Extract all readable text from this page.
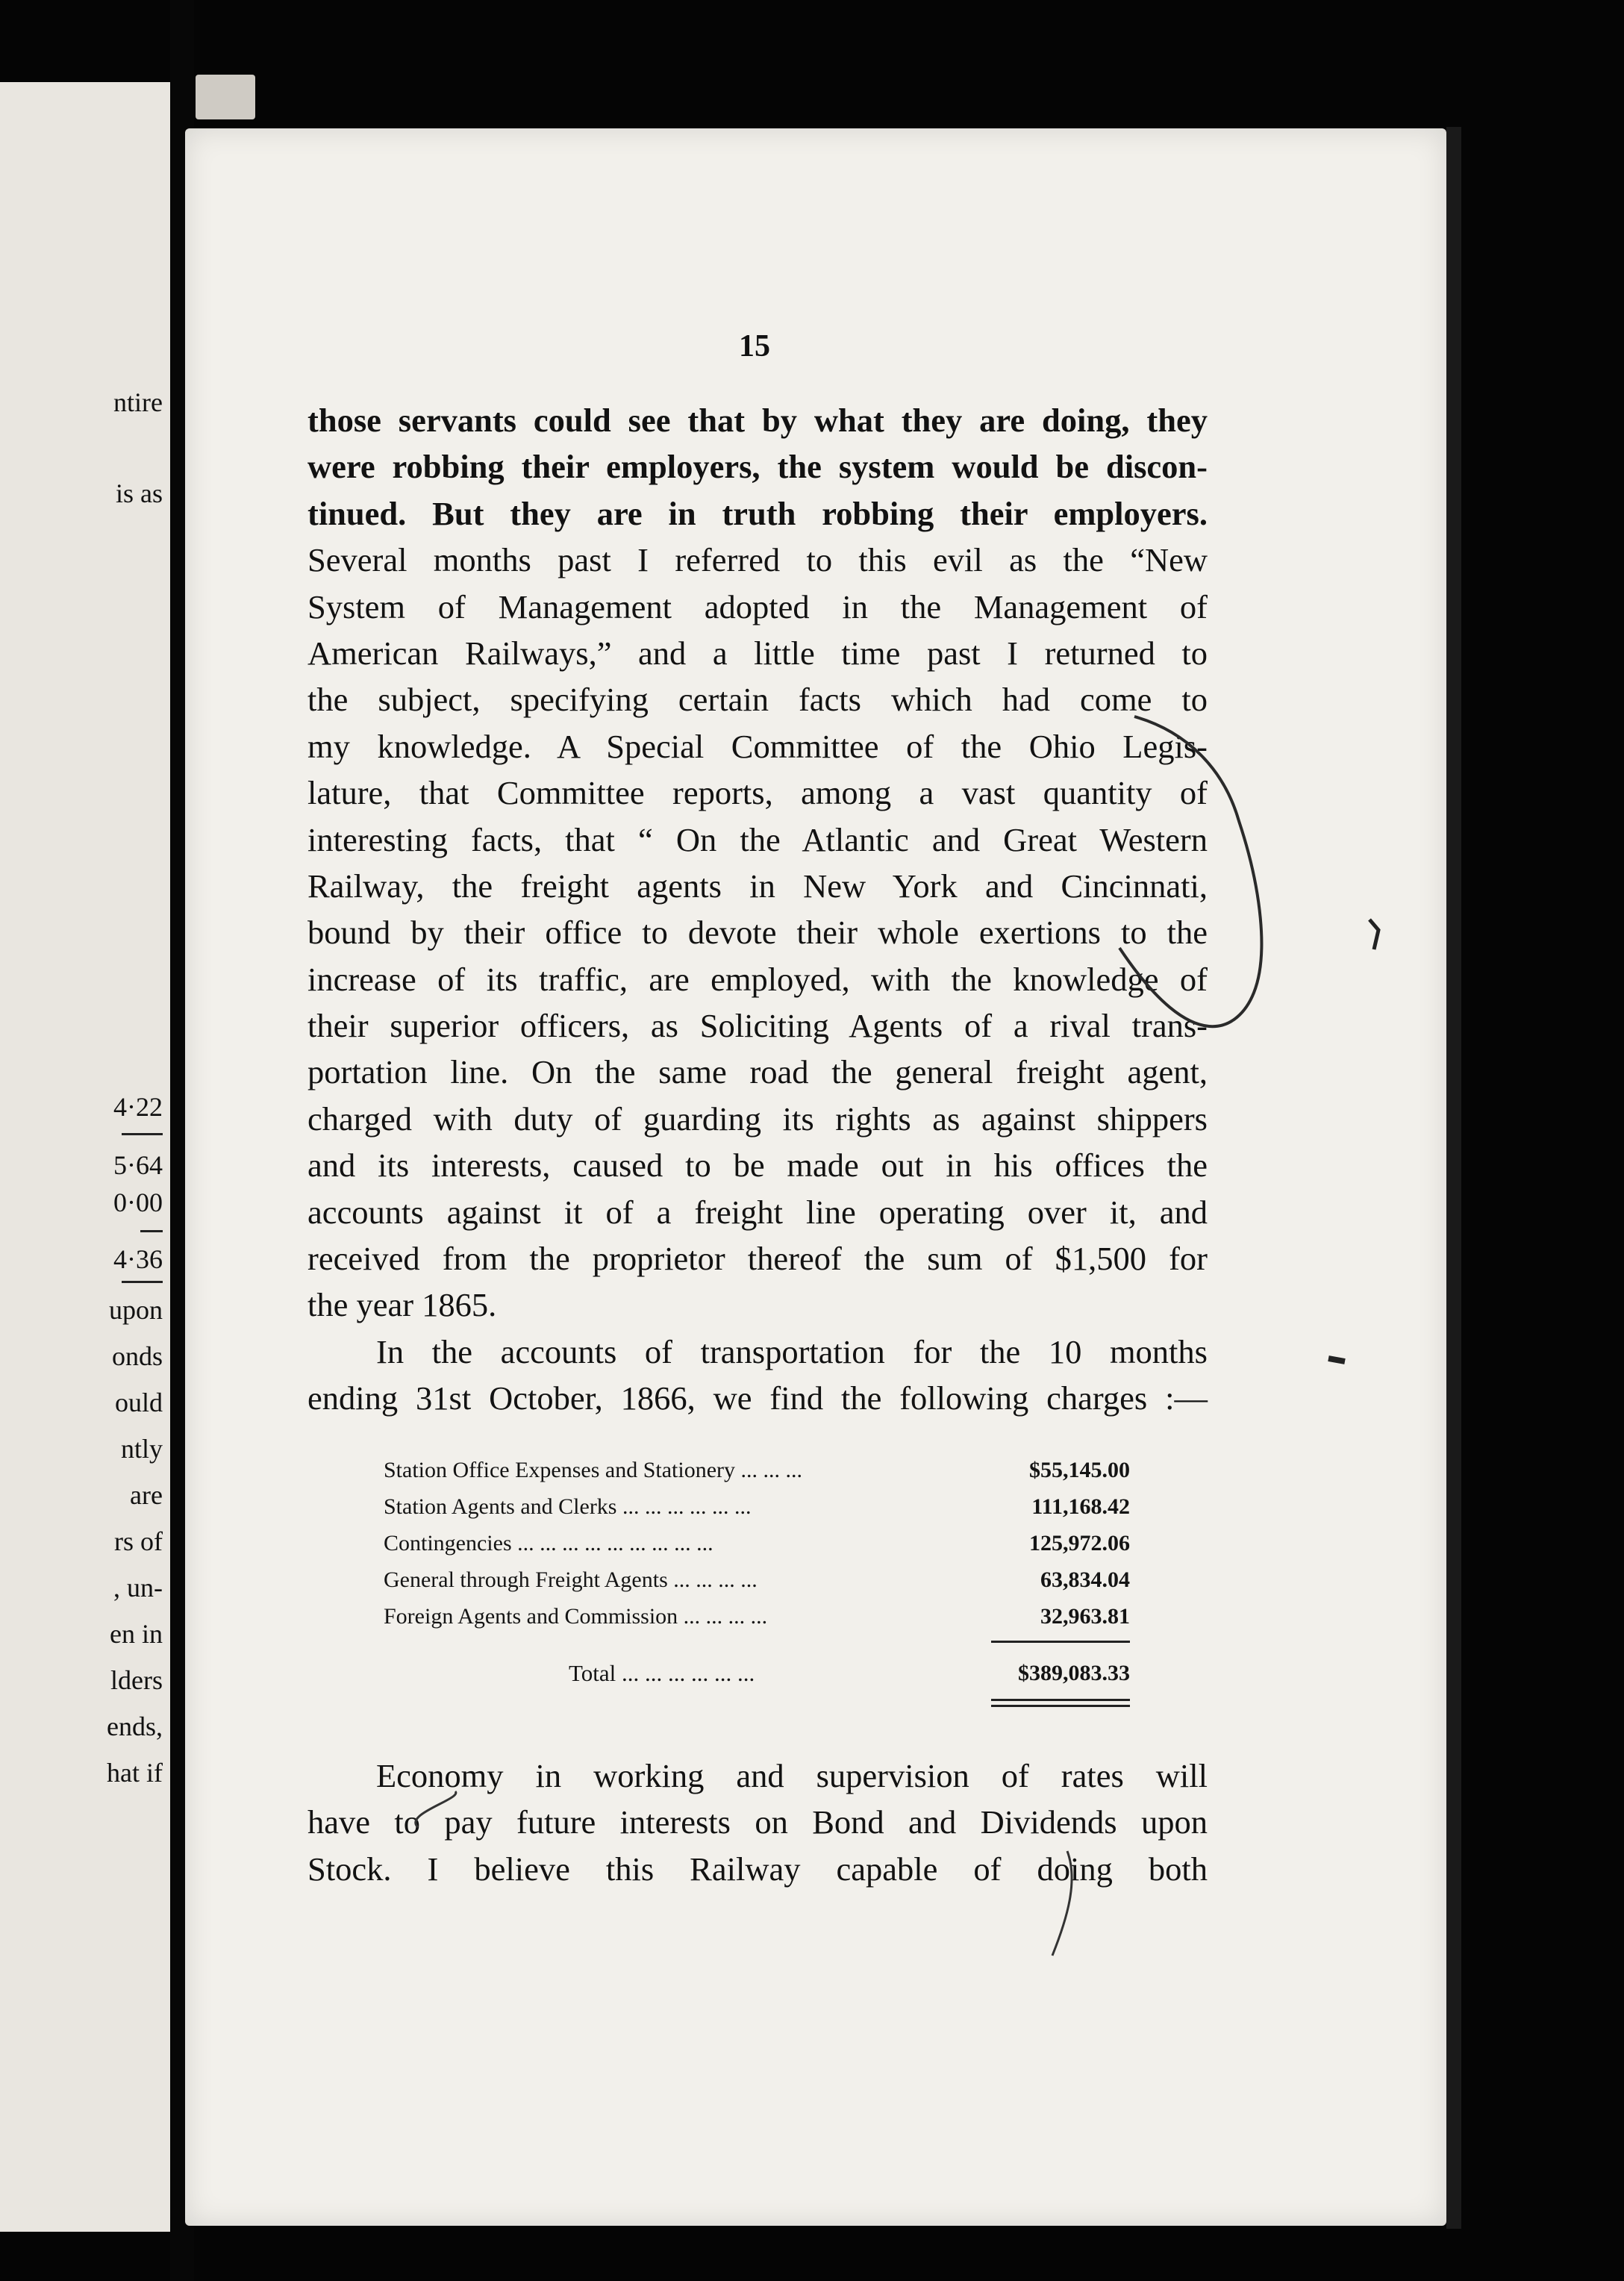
ntire
is as
4·22
5·64
0·00
4·36
upon
onds
ould
ntly
are
rs of
, un-
en in
lders
ends,
hat if
15
those servants could see that by what they are doing, they
were robbing their employers, the system would be discon-
tinued. But they are in truth robbing their employers.
Several months past I referred to this evil as the “New
System of Management adopted in the Management of
American Railways,” and a little time past I returned to
the subject, specifying certain facts which had come to
my knowledge. A Special Committee of the Ohio Legis-
lature, that Committee reports, among a vast quantity of
interesting facts, that “ On the Atlantic and Great Western
Railway, the freight agents in New York and Cincinnati,
bound by their office to devote their whole exertions to the
increase of its traffic, are employed, with the knowledge of
their superior officers, as Soliciting Agents of a rival trans-
portation line. On the same road the general freight agent,
charged with duty of guarding its rights as against shippers
and its interests, caused to be made out in his offices the
accounts against it of a freight line operating over it, and
received from the proprietor thereof the sum of $1,500 for
the year 1865.
In the accounts of transportation for the 10 months
ending 31st October, 1866, we find the following charges :—
Station Office Expenses and Stationery ... ... ...	$55,145.00
Station Agents and Clerks ... ... ... ... ... ...	111,168.42
Contingencies ... ... ... ... ... ... ... ... ...	125,972.06
General through Freight Agents ... ... ... ...	63,834.04
Foreign Agents and Commission ... ... ... ...	32,963.81
Total ... ... ... ... ... ...	$389,083.33
Economy in working and supervision of rates will
have to pay future interests on Bond and Dividends upon
Stock. I believe this Railway capable of doing both
